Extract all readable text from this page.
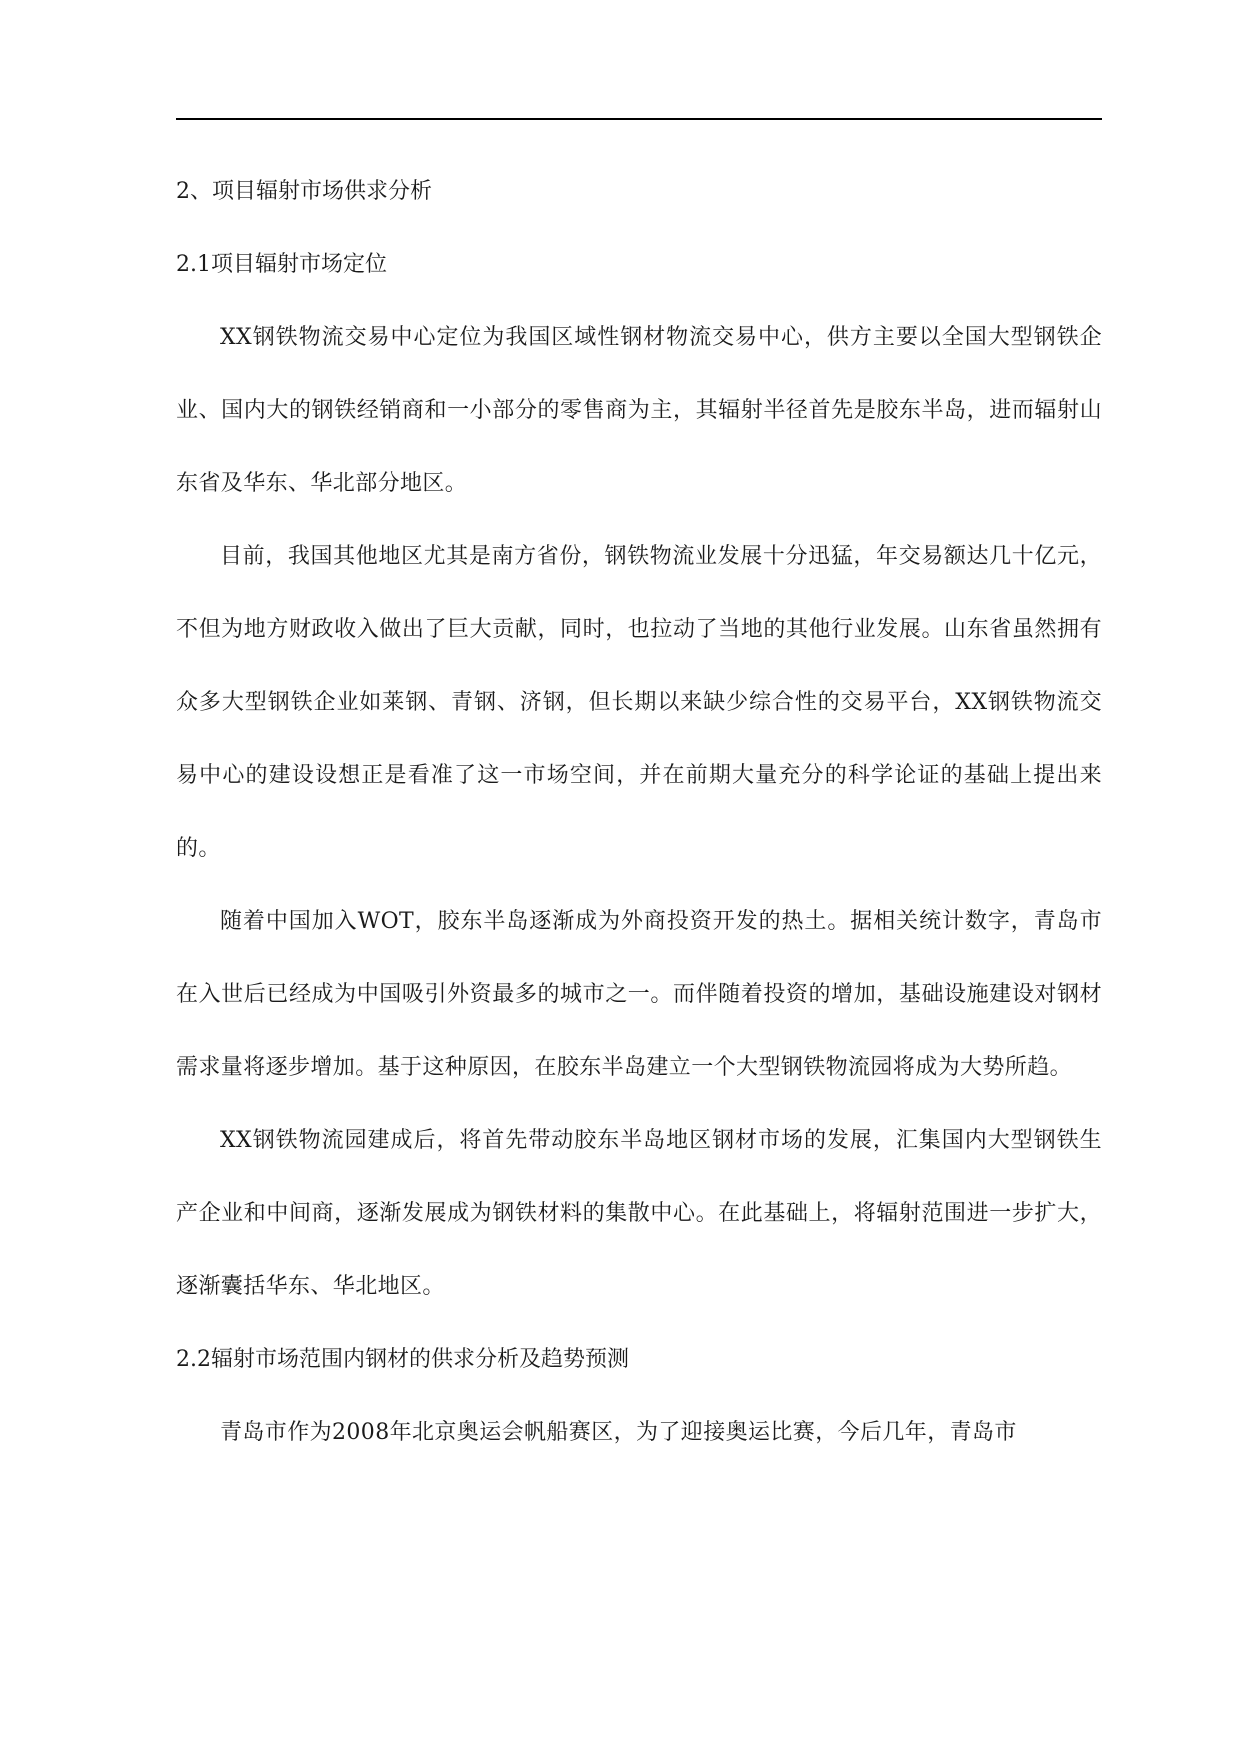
2、项目辐射市场供求分析
2.1项目辐射市场定位

XX钢铁物流交易中心定位为我国区域性钢材物流交易中心，供方主要以全国大型钢铁企业、国内大的钢铁经销商和一小部分的零售商为主，其辐射半径首先是胶东半岛，进而辐射山东省及华东、华北部分地区。

目前，我国其他地区尤其是南方省份，钢铁物流业发展十分迅猛，年交易额达几十亿元，不但为地方财政收入做出了巨大贡献，同时，也拉动了当地的其他行业发展。山东省虽然拥有众多大型钢铁企业如莱钢、青钢、济钢，但长期以来缺少综合性的交易平台，XX钢铁物流交易中心的建设设想正是看准了这一市场空间，并在前期大量充分的科学论证的基础上提出来的。

随着中国加入WOT，胶东半岛逐渐成为外商投资开发的热土。据相关统计数字，青岛市在入世后已经成为中国吸引外资最多的城市之一。而伴随着投资的增加，基础设施建设对钢材需求量将逐步增加。基于这种原因，在胶东半岛建立一个大型钢铁物流园将成为大势所趋。

XX钢铁物流园建成后，将首先带动胶东半岛地区钢材市场的发展，汇集国内大型钢铁生产企业和中间商，逐渐发展成为钢铁材料的集散中心。在此基础上，将辐射范围进一步扩大，逐渐囊括华东、华北地区。

2.2辐射市场范围内钢材的供求分析及趋势预测

青岛市作为2008年北京奥运会帆船赛区，为了迎接奥运比赛，今后几年，青岛市
